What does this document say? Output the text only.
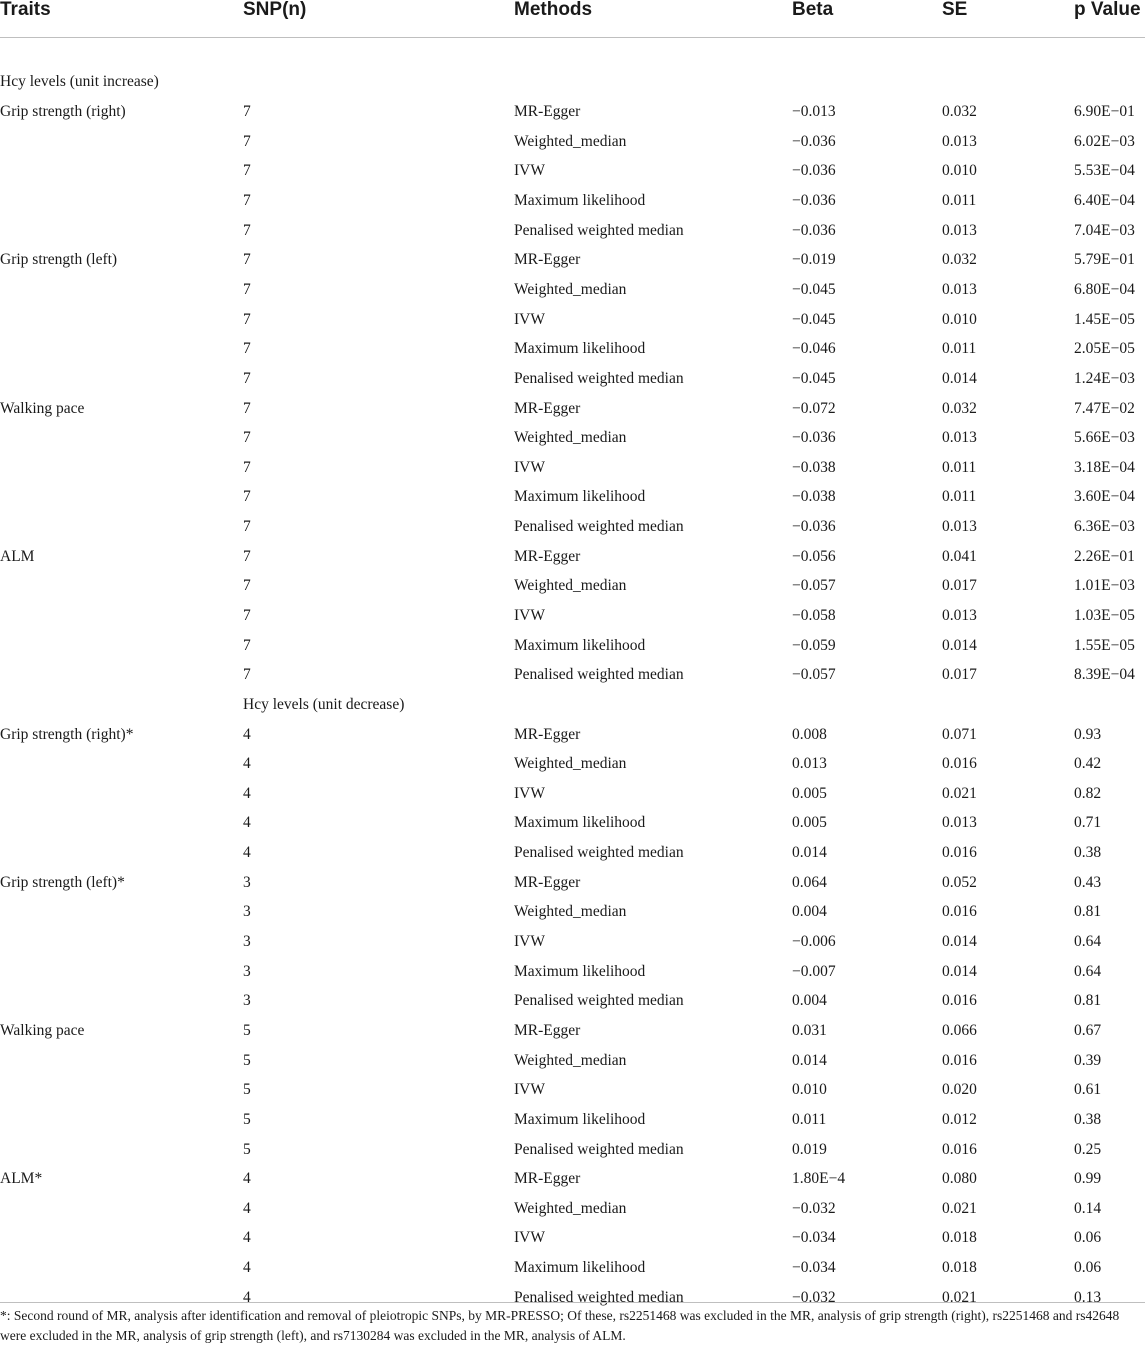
Traits	SNP(n)	Methods	Beta	SE	p Value

Hcy levels (unit increase)					
Grip strength (right)	7	MR-Egger	−0.013	0.032	6.90E−01
	7	Weighted_median	−0.036	0.013	6.02E−03
	7	IVW	−0.036	0.010	5.53E−04
	7	Maximum likelihood	−0.036	0.011	6.40E−04
	7	Penalised weighted median	−0.036	0.013	7.04E−03
Grip strength (left)	7	MR-Egger	−0.019	0.032	5.79E−01
	7	Weighted_median	−0.045	0.013	6.80E−04
	7	IVW	−0.045	0.010	1.45E−05
	7	Maximum likelihood	−0.046	0.011	2.05E−05
	7	Penalised weighted median	−0.045	0.014	1.24E−03
Walking pace	7	MR-Egger	−0.072	0.032	7.47E−02
	7	Weighted_median	−0.036	0.013	5.66E−03
	7	IVW	−0.038	0.011	3.18E−04
	7	Maximum likelihood	−0.038	0.011	3.60E−04
	7	Penalised weighted median	−0.036	0.013	6.36E−03
ALM	7	MR-Egger	−0.056	0.041	2.26E−01
	7	Weighted_median	−0.057	0.017	1.01E−03
	7	IVW	−0.058	0.013	1.03E−05
	7	Maximum likelihood	−0.059	0.014	1.55E−05
	7	Penalised weighted median	−0.057	0.017	8.39E−04
	Hcy levels (unit decrease)				
Grip strength (right)*	4	MR-Egger	0.008	0.071	0.93
	4	Weighted_median	0.013	0.016	0.42
	4	IVW	0.005	0.021	0.82
	4	Maximum likelihood	0.005	0.013	0.71
	4	Penalised weighted median	0.014	0.016	0.38
Grip strength (left)*	3	MR-Egger	0.064	0.052	0.43
	3	Weighted_median	0.004	0.016	0.81
	3	IVW	−0.006	0.014	0.64
	3	Maximum likelihood	−0.007	0.014	0.64
	3	Penalised weighted median	0.004	0.016	0.81
Walking pace	5	MR-Egger	0.031	0.066	0.67
	5	Weighted_median	0.014	0.016	0.39
	5	IVW	0.010	0.020	0.61
	5	Maximum likelihood	0.011	0.012	0.38
	5	Penalised weighted median	0.019	0.016	0.25
ALM*	4	MR-Egger	1.80E−4	0.080	0.99
	4	Weighted_median	−0.032	0.021	0.14
	4	IVW	−0.034	0.018	0.06
	4	Maximum likelihood	−0.034	0.018	0.06
	4	Penalised weighted median	−0.032	0.021	0.13
*: Second round of MR, analysis after identification and removal of pleiotropic SNPs, by MR-PRESSO; Of these, rs2251468 was excluded in the MR, analysis of grip strength (right), rs2251468 and rs42648 were excluded in the MR, analysis of grip strength (left), and rs7130284 was excluded in the MR, analysis of ALM.
